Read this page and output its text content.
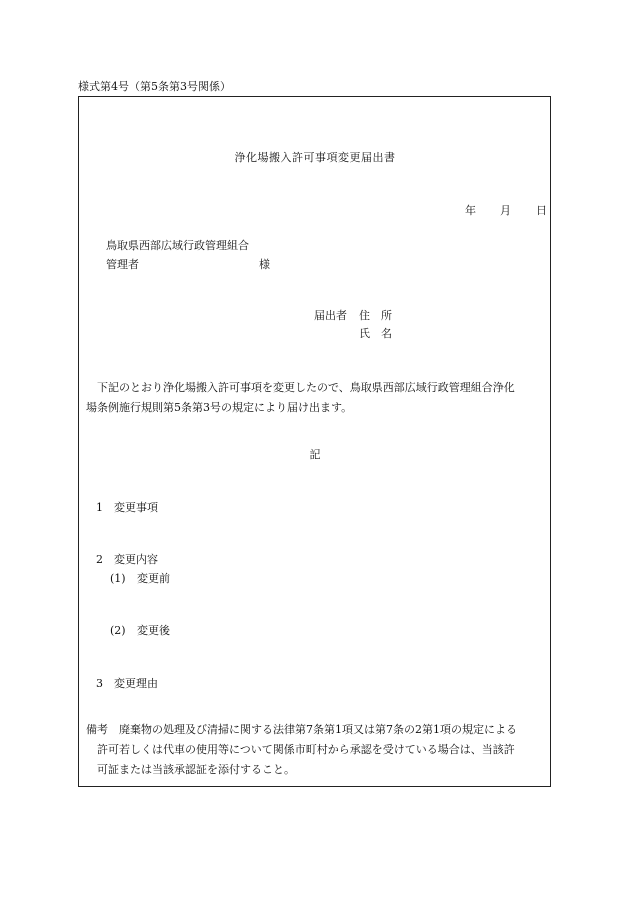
様式第4号（第5条第3号関係）
浄化場搬入許可事項変更届出書
年 月 日
鳥取県西部広域行政管理組合
管理者	様
届出者 住　所
氏　名

　下記のとおり浄化場搬入許可事項を変更したので、鳥取県西部広域行政管理組合浄化

場条例施行規則第5条第3号の規定により届け出ます。

記
1 変更事項
2 変更内容
(1) 変更前
(2) 変更後
3 変更理由

備考　廃棄物の処理及び清掃に関する法律第7条第1項又は第7条の2第1項の規定による

　許可若しくは代車の使用等について関係市町村から承認を受けている場合は、当該許

　可証または当該承認証を添付すること。
